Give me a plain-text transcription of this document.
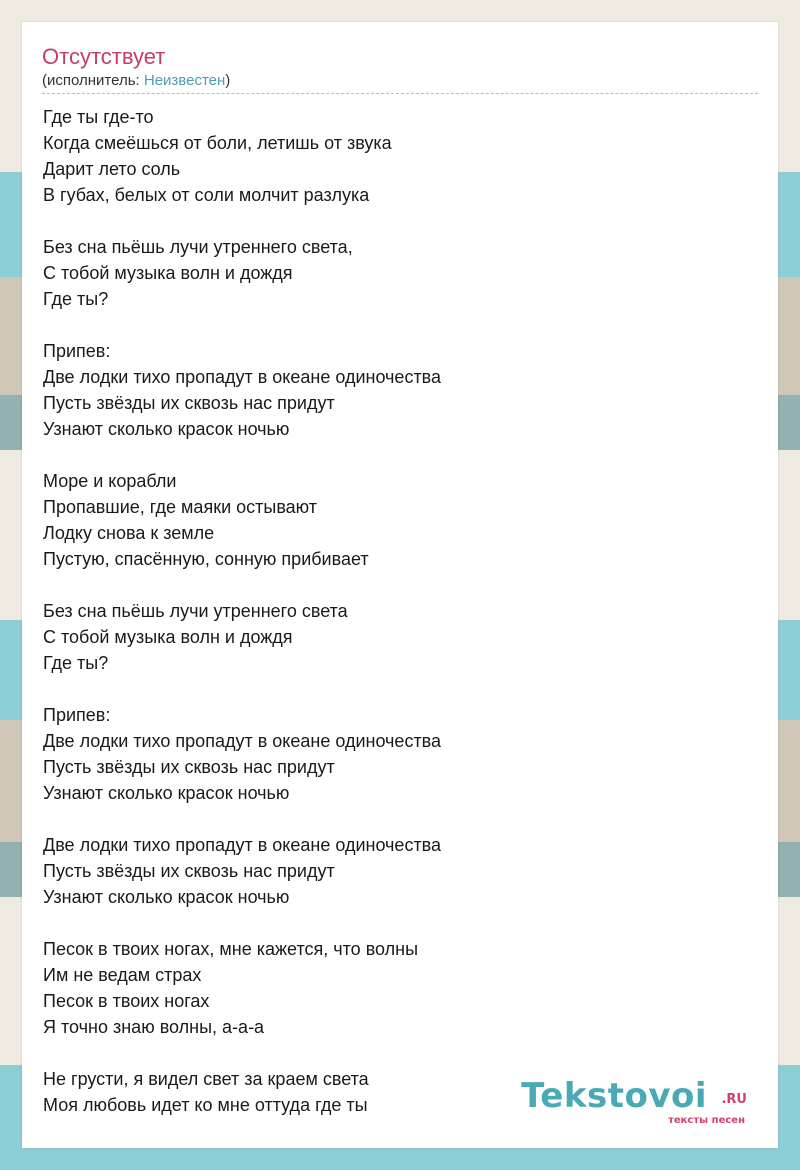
Отсутствует
(исполнитель: Неизвестен)
Где ты где-то
Когда смеёшься от боли, летишь от звука
Дарит лето соль
В губах, белых от соли молчит разлука
Без сна пьёшь лучи утреннего света,
С тобой музыка волн и дождя
Где ты?
Припев:
Две лодки тихо пропадут в океане одиночества
Пусть звёзды их сквозь нас придут
Узнают сколько красок ночью
Море и корабли
Пропавшие, где маяки остывают
Лодку снова к земле
Пустую, спасённую, сонную прибивает
Без сна пьёшь лучи утреннего света
С тобой музыка волн и дождя
Где ты?
Припев:
Две лодки тихо пропадут в океане одиночества
Пусть звёзды их сквозь нас придут
Узнают сколько красок ночью
Две лодки тихо пропадут в океане одиночества
Пусть звёзды их сквозь нас придут
Узнают сколько красок ночью
Песок в твоих ногах, мне кажется, что волны
Им не ведам страх
Песок в твоих ногах
Я точно знаю волны, а-а-а
Не грусти, я видел свет за краем света
Моя любовь идет ко мне оттуда где ты	Tekstovoi .RU
тексты песен
